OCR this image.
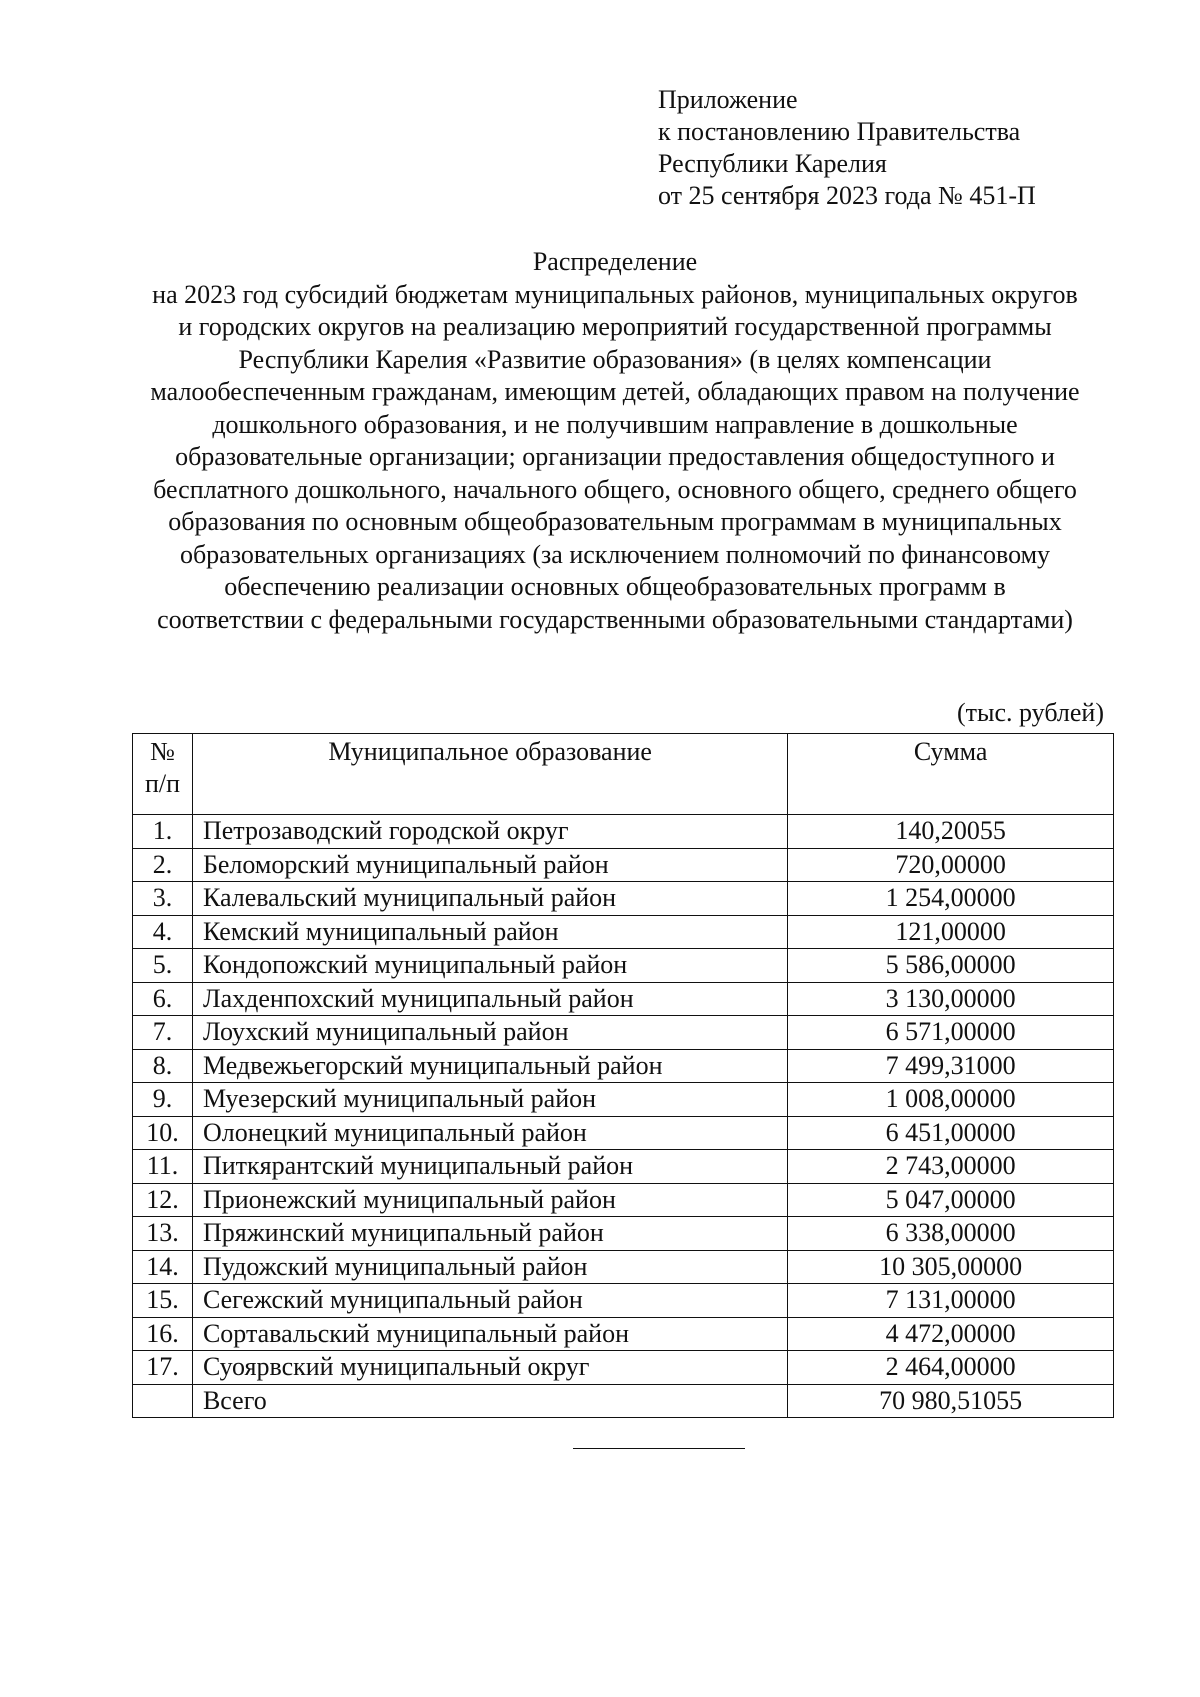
Приложение
к постановлению Правительства
Республики Карелия
от 25 сентября 2023 года № 451-П
Распределение
на 2023 год субсидий бюджетам муниципальных районов, муниципальных округов и городских округов на реализацию мероприятий государственной программы Республики Карелия «Развитие образования» (в целях компенсации малообеспеченным гражданам, имеющим детей, обладающих правом на получение дошкольного образования, и не получившим направление в дошкольные образовательные организации; организации предоставления общедоступного и бесплатного дошкольного, начального общего, основного общего, среднего общего образования по основным общеобразовательным программам в муниципальных образовательных организациях (за исключением полномочий по финансовому обеспечению реализации основных общеобразовательных программ в соответствии с федеральными государственными образовательными стандартами)
(тыс. рублей)
№
п/п	Муниципальное образование	Сумма
1.	Петрозаводский городской округ	140,20055
2.	Беломорский муниципальный район	720,00000
3.	Калевальский муниципальный район	1 254,00000
4.	Кемский муниципальный район	121,00000
5.	Кондопожский муниципальный район	5 586,00000
6.	Лахденпохский муниципальный район	3 130,00000
7.	Лоухский муниципальный район	6 571,00000
8.	Медвежьегорский муниципальный район	7 499,31000
9.	Муезерский муниципальный район	1 008,00000
10.	Олонецкий муниципальный район	6 451,00000
11.	Питкярантский муниципальный район	2 743,00000
12.	Прионежский муниципальный район	5 047,00000
13.	Пряжинский муниципальный район	6 338,00000
14.	Пудожский муниципальный район	10 305,00000
15.	Сегежский муниципальный район	7 131,00000
16.	Сортавальский муниципальный район	4 472,00000
17.	Суоярвский муниципальный округ	2 464,00000
	Всего	70 980,51055
